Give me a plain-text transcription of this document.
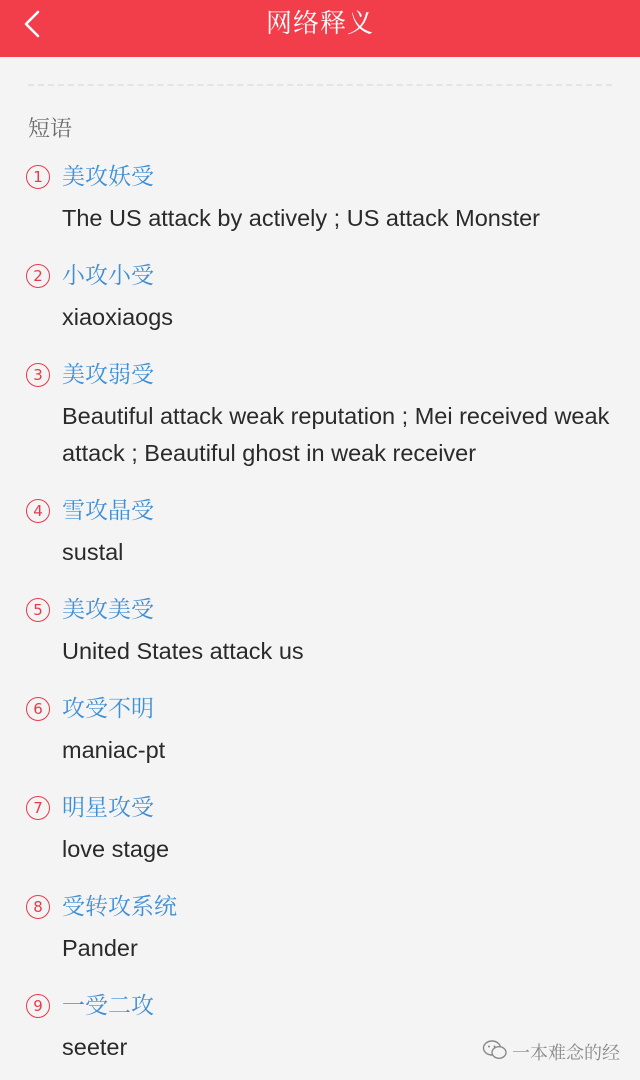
网络释义
短语
1 美攻妖受
The US attack by actively ; US attack Monster
2 小攻小受
xiaoxiaogs
3 美攻弱受
Beautiful attack weak reputation ; Mei received weak attack ; Beautiful ghost in weak receiver
4 雪攻晶受
sustal
5 美攻美受
United States attack us
6 攻受不明
maniac-pt
7 明星攻受
love stage
8 受转攻系统
Pander
9 一受二攻
seeter	一本难念的经
